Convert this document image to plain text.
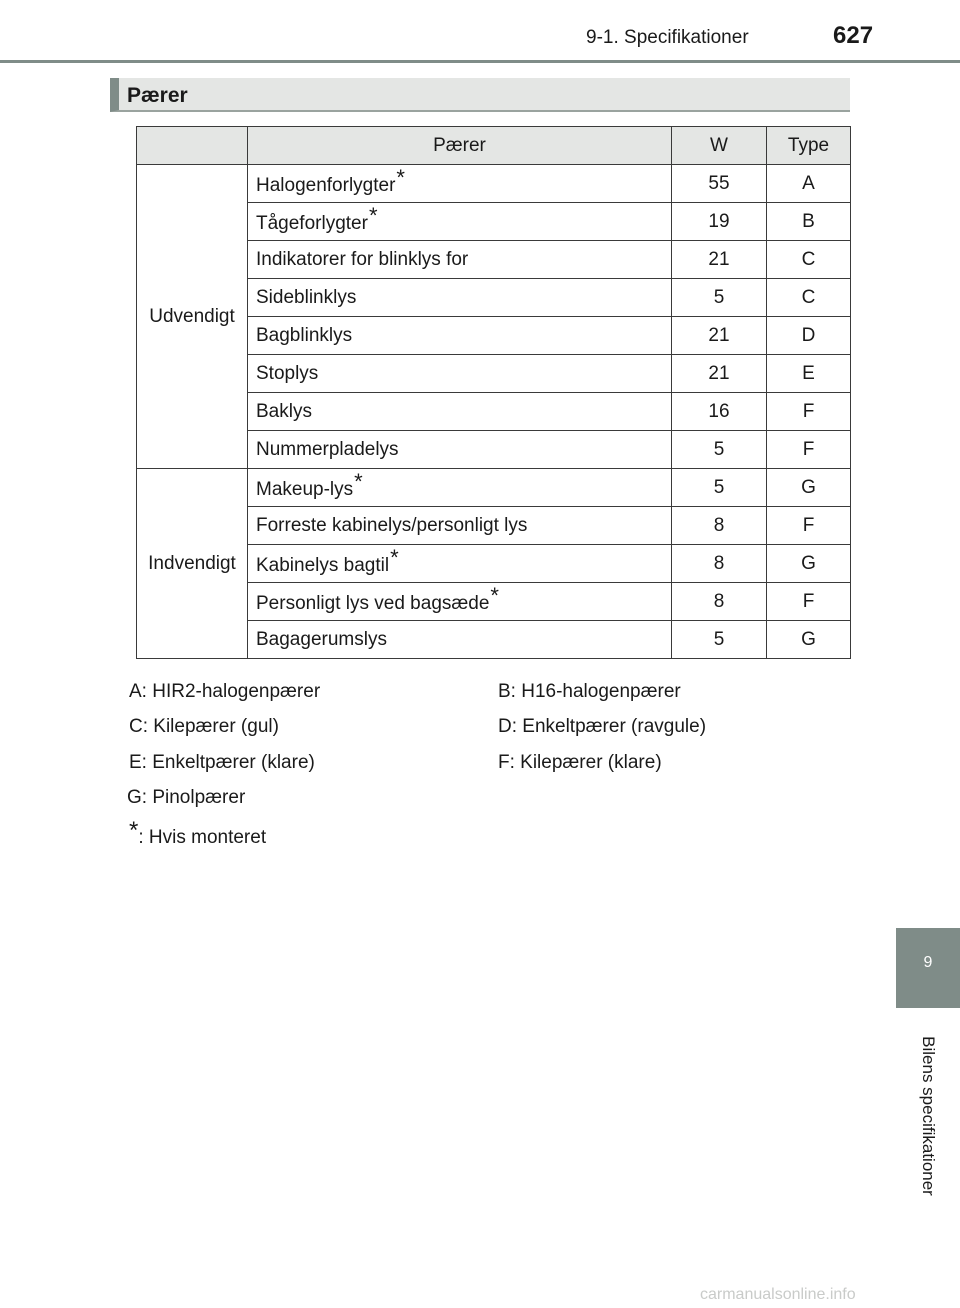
9-1. Specifikationer	627
Pærer
	Pærer	W	Type
Udvendigt	Halogenforlygter*	55	A
	Tågeforlygter*	19	B
	Indikatorer for blinklys for	21	C
	Sideblinklys	5	C
	Bagblinklys	21	D
	Stoplys	21	E
	Baklys	16	F
	Nummerpladelys	5	F
Indvendigt	Makeup-lys*	5	G
	Forreste kabinelys/personligt lys	8	F
	Kabinelys bagtil*	8	G
	Personligt lys ved bagsæde*	8	F
	Bagagerumslys	5	G
A: HIR2-halogenpærer	B: H16-halogenpærer
C: Kilepærer (gul)	D: Enkeltpærer (ravgule)
E: Enkeltpærer (klare)	F: Kilepærer (klare)
G: Pinolpærer
*: Hvis monteret
9
Bilens specifikationer
carmanualsonline.info
